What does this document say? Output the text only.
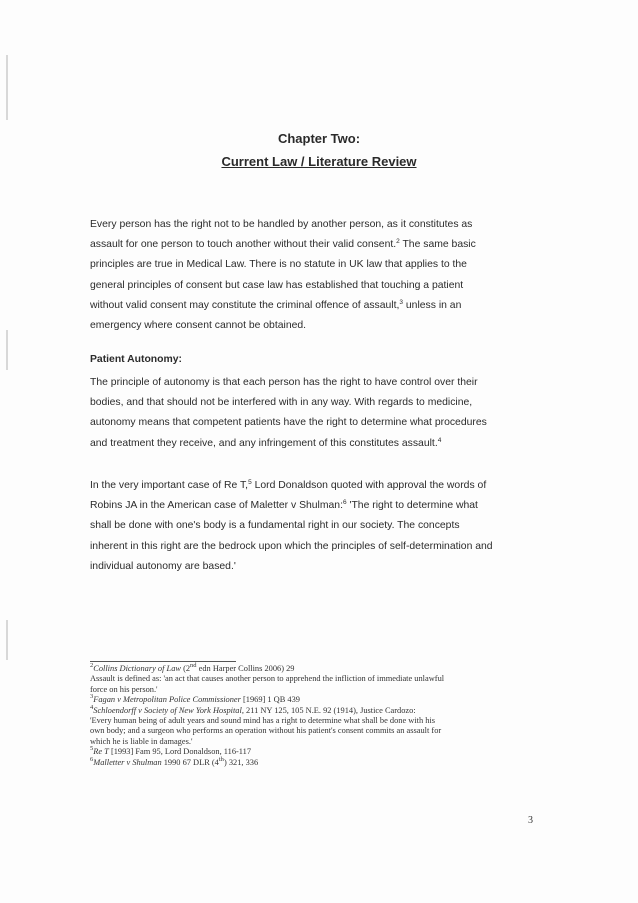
Chapter Two:
Current Law / Literature Review
Every person has the right not to be handled by another person, as it constitutes as
assault for one person to touch another without their valid consent.$^2$ The same basic
principles are true in Medical Law. There is no statute in UK law that applies to the
general principles of consent but case law has established that touching a patient
without valid consent may constitute the criminal offence of assault,$^3$ unless in an
emergency where consent cannot be obtained.
Patient Autonomy:
The principle of autonomy is that each person has the right to have control over their
bodies, and that should not be interfered with in any way. With regards to medicine,
autonomy means that competent patients have the right to determine what procedures
and treatment they receive, and any infringement of this constitutes assault.$^4$
In the very important case of Re T,$^5$ Lord Donaldson quoted with approval the words of
Robins JA in the American case of Maletter v Shulman:$^6$ 'The right to determine what
shall be done with one's body is a fundamental right in our society. The concepts
inherent in this right are the bedrock upon which the principles of self-determination and
individual autonomy are based.'
$^2$Collins Dictionary of Law (2nd edn Harper Collins 2006) 29
Assault is defined as: 'an act that causes another person to apprehend the infliction of immediate unlawful
force on his person.'
$^3$Fagan v Metropolitan Police Commissioner [1969] 1 QB 439
$^4$Schloendorff v Society of New York Hospital, 211 NY 125, 105 N.E. 92 (1914), Justice Cardozo:
'Every human being of adult years and sound mind has a right to determine what shall be done with his
own body; and a surgeon who performs an operation without his patient's consent commits an assault for
which he is liable in damages.'
$^5$Re T [1993] Fam 95, Lord Donaldson, 116-117
$^6$Malletter v Shulman 1990 67 DLR (4th) 321, 336
3
